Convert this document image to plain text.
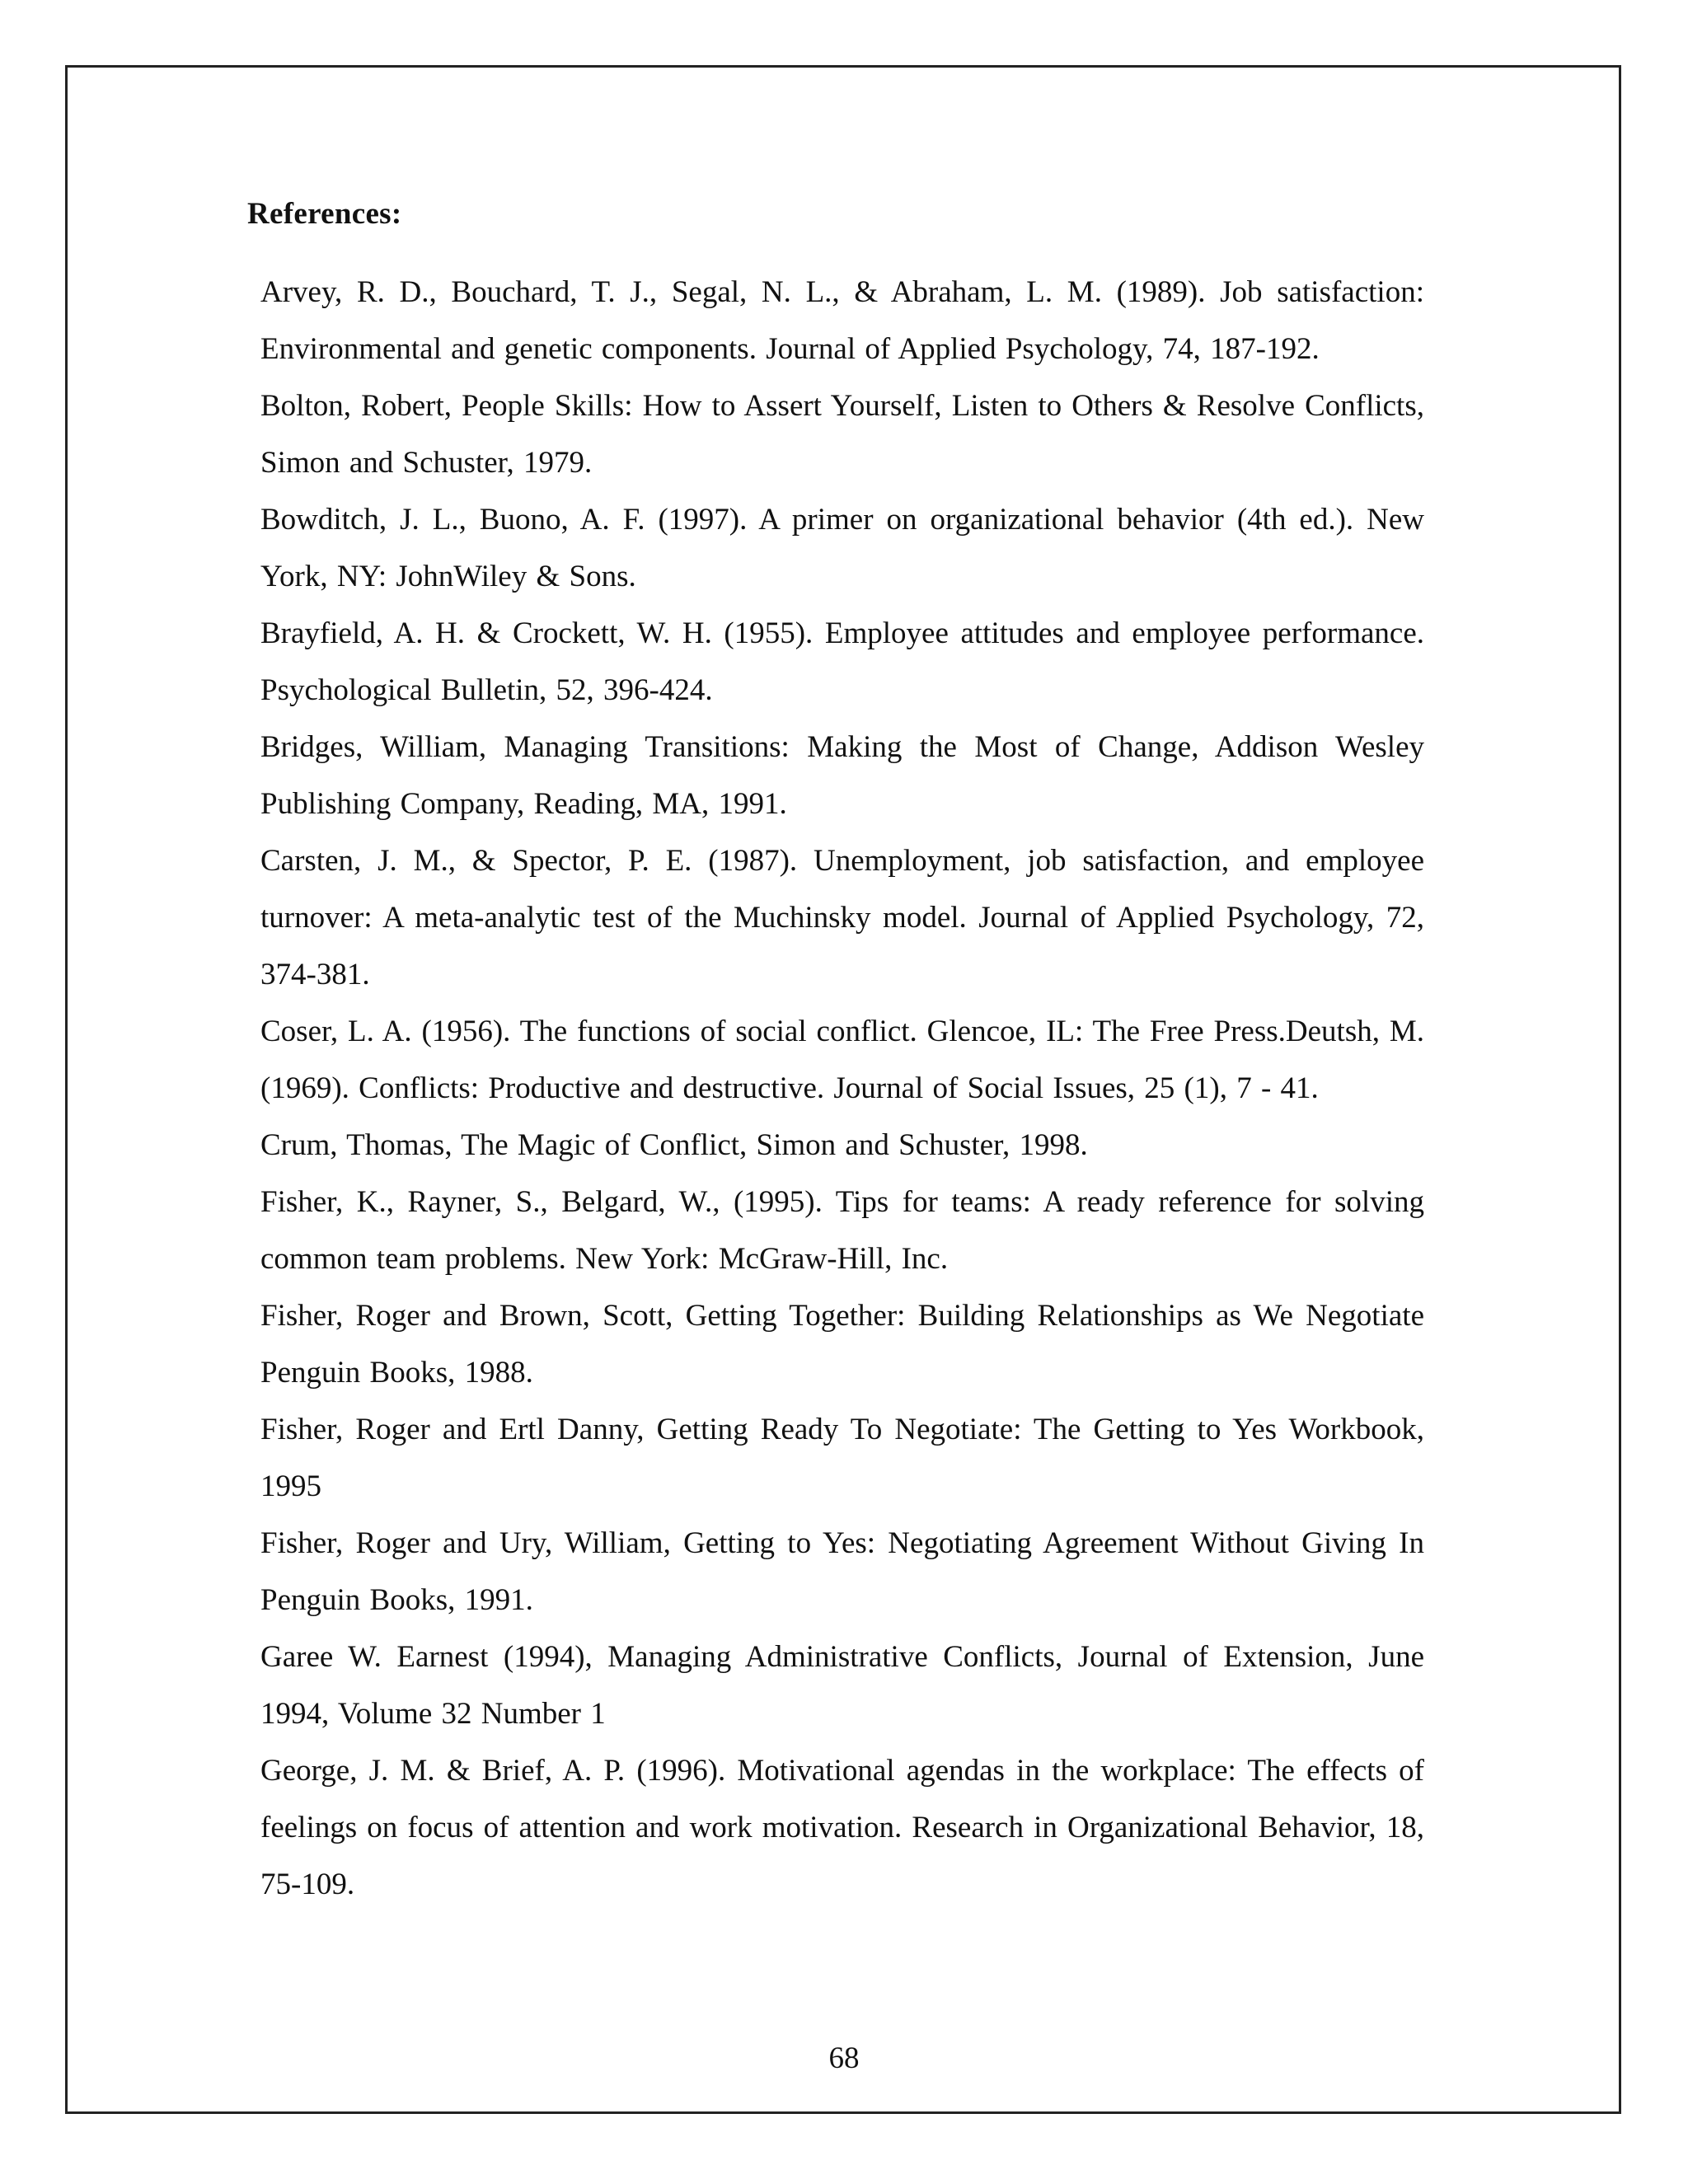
References:
Arvey, R. D., Bouchard, T. J., Segal, N. L., & Abraham, L. M. (1989). Job satisfaction: Environmental and genetic components. Journal of Applied Psychology, 74, 187-192.
Bolton, Robert, People Skills: How to Assert Yourself, Listen to Others & Resolve Conflicts, Simon and Schuster, 1979.
Bowditch, J. L., Buono, A. F. (1997). A primer on organizational behavior (4th ed.). New York, NY: JohnWiley & Sons.
Brayfield, A. H. & Crockett, W. H. (1955). Employee attitudes and employee performance. Psychological Bulletin, 52, 396-424.
Bridges, William, Managing Transitions: Making the Most of Change, Addison Wesley Publishing Company, Reading, MA, 1991.
Carsten, J. M., & Spector, P. E. (1987). Unemployment, job satisfaction, and employee turnover: A meta-analytic test of the Muchinsky model. Journal of Applied Psychology, 72, 374-381.
Coser, L. A. (1956). The functions of social conflict. Glencoe, IL: The Free Press.Deutsh, M. (1969). Conflicts: Productive and destructive. Journal of Social Issues, 25 (1), 7 - 41.
Crum, Thomas, The Magic of Conflict, Simon and Schuster, 1998.
Fisher, K., Rayner, S., Belgard, W., (1995). Tips for teams: A ready reference for solving common team problems. New York: McGraw-Hill, Inc.
Fisher, Roger and Brown, Scott, Getting Together: Building Relationships as We Negotiate Penguin Books, 1988.
Fisher, Roger and Ertl Danny, Getting Ready To Negotiate: The Getting to Yes Workbook, 1995
Fisher, Roger and Ury, William, Getting to Yes: Negotiating Agreement Without Giving In Penguin Books, 1991.
Garee W. Earnest (1994), Managing Administrative Conflicts, Journal of Extension, June 1994, Volume 32 Number 1
George, J. M. & Brief, A. P. (1996). Motivational agendas in the workplace: The effects of feelings on focus of attention and work motivation. Research in Organizational Behavior, 18, 75-109.
68
